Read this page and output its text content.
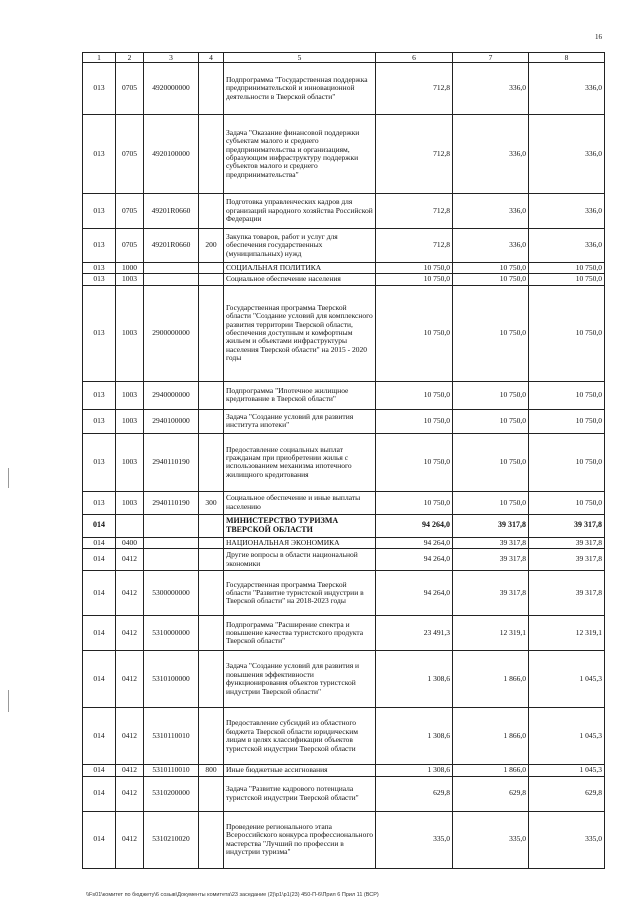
16
1	2	3	4	5	6	7	8
013	0705	4920000000		Подпрограмма "Государственная поддержка предпринимательской и инновационной деятельности в Тверской области"	712,8	336,0	336,0
013	0705	4920100000		Задача "Оказание финансовой поддержки субъектам малого и среднего предпринимательства и организациям, образующим инфраструктуру поддержки субъектов малого и среднего предпринимательства"	712,8	336,0	336,0
013	0705	49201R0660		Подготовка управленческих кадров для организаций народного хозяйства Российской Федерации	712,8	336,0	336,0
013	0705	49201R0660	200	Закупка товаров, работ и услуг для обеспечения государственных (муниципальных) нужд	712,8	336,0	336,0
013	1000			СОЦИАЛЬНАЯ ПОЛИТИКА	10 750,0	10 750,0	10 750,0
013	1003			Социальное обеспечение населения	10 750,0	10 750,0	10 750,0
013	1003	2900000000		Государственная программа Тверской области "Создание условий для комплексного развития территории Тверской области, обеспечения доступным и комфортным жильем и объектами инфраструктуры населения Тверской области" на 2015 - 2020 годы	10 750,0	10 750,0	10 750,0
013	1003	2940000000		Подпрограмма "Ипотечное жилищное кредитование в Тверской области"	10 750,0	10 750,0	10 750,0
013	1003	2940100000		Задача "Создание условий для развития института ипотеки"	10 750,0	10 750,0	10 750,0
013	1003	2940110190		Предоставление социальных выплат гражданам при приобретении жилья с использованием механизма ипотечного жилищного кредитования	10 750,0	10 750,0	10 750,0
013	1003	2940110190	300	Социальное обеспечение и иные выплаты населению	10 750,0	10 750,0	10 750,0
014				МИНИСТЕРСТВО ТУРИЗМА ТВЕРСКОЙ ОБЛАСТИ	94 264,0	39 317,8	39 317,8
014	0400			НАЦИОНАЛЬНАЯ ЭКОНОМИКА	94 264,0	39 317,8	39 317,8
014	0412			Другие вопросы в области национальной экономики	94 264,0	39 317,8	39 317,8
014	0412	5300000000		Государственная программа Тверской области "Развитие туристской индустрии в Тверской области" на 2018-2023 годы	94 264,0	39 317,8	39 317,8
014	0412	5310000000		Подпрограмма "Расширение спектра и повышение качества туристского продукта Тверской области"	23 491,3	12 319,1	12 319,1
014	0412	5310100000		Задача "Создание условий для развития и повышения эффективности функционирования объектов туристской индустрии Тверской области"	1 308,6	1 866,0	1 045,3
014	0412	5310110010		Предоставление субсидий из областного бюджета Тверской области юридическим лицам в целях классификации объектов туристской индустрии Тверской области	1 308,6	1 866,0	1 045,3
014	0412	5310110010	800	Иные бюджетные ассигнования	1 308,6	1 866,0	1 045,3
014	0412	5310200000		Задача "Развитие кадрового потенциала туристской индустрии Тверской области"	629,8	629,8	629,8
014	0412	5310210020		Проведение регионального этапа Всероссийского конкурса профессионального мастерства "Лучший по профессии в индустрии туризма"	335,0	335,0	335,0
\\Fs01\комитет по бюджету\6 созыв\Документы комитета\23 заседание (2)\р1\р1(23) 450-П-6\Прил 6 Прил 11 (ВСР)
